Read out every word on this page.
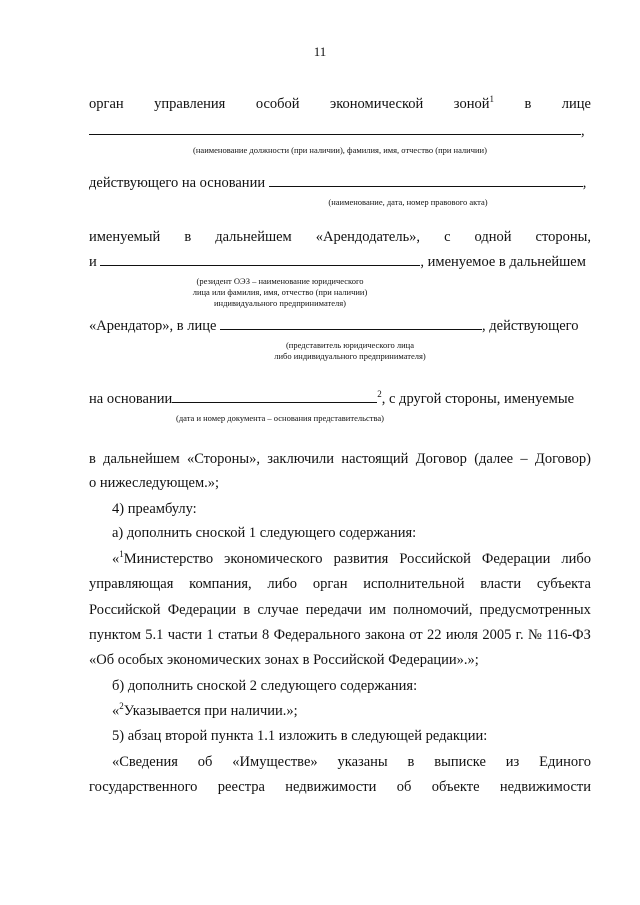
11
орган управления особой экономической зоной$^1$ в лице
,
(наименование должности (при наличии), фамилия, имя, отчество (при наличии)
действующего на основании	,
(наименование, дата, номер правового акта)
именуемый в дальнейшем «Арендодатель», с одной стороны,
и	, именуемое в дальнейшем
(резидент ОЭЗ – наименование юридического
лица или фамилия, имя, отчество (при наличии)
индивидуального предпринимателя)
«Арендатор», в лице	, действующего
(представитель юридического лица
либо индивидуального предпринимателя)
на основании	$^2$, с другой стороны, именуемые
(дата и номер документа – основания представительства)
в дальнейшем «Стороны», заключили настоящий Договор (далее – Договор)
о нижеследующем.»;
4) преамбулу:
а) дополнить сноской 1 следующего содержания:
«$^1$Министерство экономического развития Российской Федерации либо
управляющая компания, либо орган исполнительной власти субъекта
Российской Федерации в случае передачи им полномочий, предусмотренных
пунктом 5.1 части 1 статьи 8 Федерального закона от 22 июля 2005 г. № 116-ФЗ
«Об особых экономических зонах в Российской Федерации».»;
б) дополнить сноской 2 следующего содержания:
«$^2$Указывается при наличии.»;
5) абзац второй пункта 1.1 изложить в следующей редакции:
«Сведения об «Имуществе» указаны в выписке из Единого
государственного реестра недвижимости об объекте недвижимости
